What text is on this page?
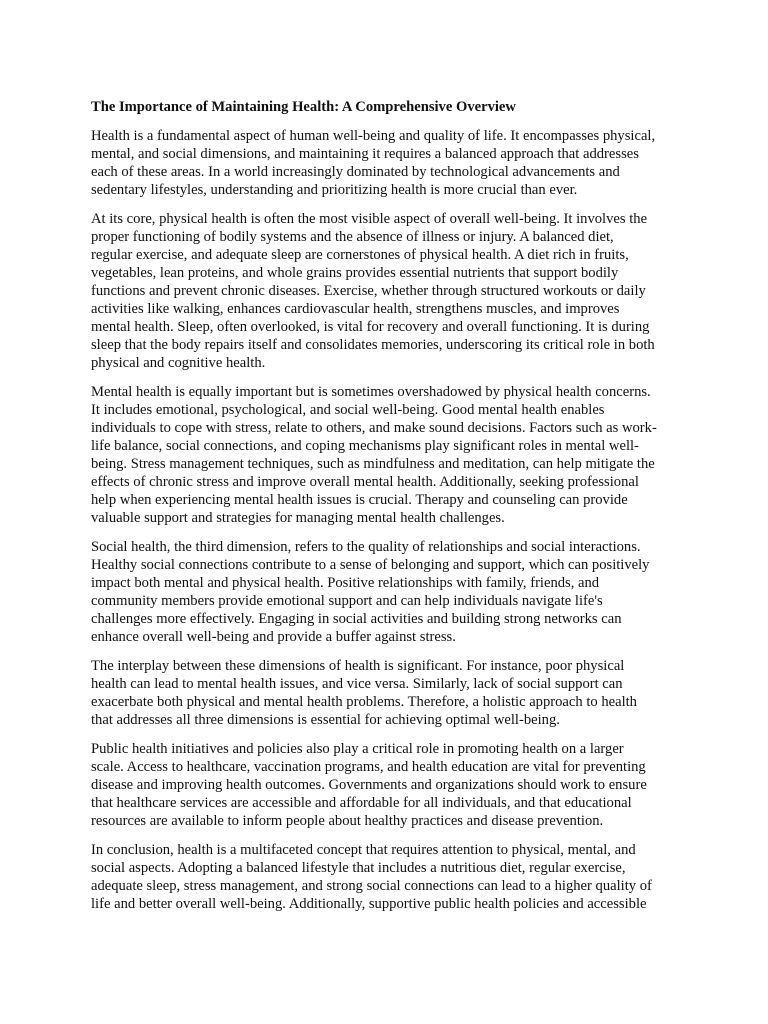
The Importance of Maintaining Health: A Comprehensive Overview

Health is a fundamental aspect of human well-being and quality of life. It encompasses physical,
mental, and social dimensions, and maintaining it requires a balanced approach that addresses
each of these areas. In a world increasingly dominated by technological advancements and
sedentary lifestyles, understanding and prioritizing health is more crucial than ever.

At its core, physical health is often the most visible aspect of overall well-being. It involves the
proper functioning of bodily systems and the absence of illness or injury. A balanced diet,
regular exercise, and adequate sleep are cornerstones of physical health. A diet rich in fruits,
vegetables, lean proteins, and whole grains provides essential nutrients that support bodily
functions and prevent chronic diseases. Exercise, whether through structured workouts or daily
activities like walking, enhances cardiovascular health, strengthens muscles, and improves
mental health. Sleep, often overlooked, is vital for recovery and overall functioning. It is during
sleep that the body repairs itself and consolidates memories, underscoring its critical role in both
physical and cognitive health.

Mental health is equally important but is sometimes overshadowed by physical health concerns.
It includes emotional, psychological, and social well-being. Good mental health enables
individuals to cope with stress, relate to others, and make sound decisions. Factors such as work-
life balance, social connections, and coping mechanisms play significant roles in mental well-
being. Stress management techniques, such as mindfulness and meditation, can help mitigate the
effects of chronic stress and improve overall mental health. Additionally, seeking professional
help when experiencing mental health issues is crucial. Therapy and counseling can provide
valuable support and strategies for managing mental health challenges.

Social health, the third dimension, refers to the quality of relationships and social interactions.
Healthy social connections contribute to a sense of belonging and support, which can positively
impact both mental and physical health. Positive relationships with family, friends, and
community members provide emotional support and can help individuals navigate life's
challenges more effectively. Engaging in social activities and building strong networks can
enhance overall well-being and provide a buffer against stress.

The interplay between these dimensions of health is significant. For instance, poor physical
health can lead to mental health issues, and vice versa. Similarly, lack of social support can
exacerbate both physical and mental health problems. Therefore, a holistic approach to health
that addresses all three dimensions is essential for achieving optimal well-being.

Public health initiatives and policies also play a critical role in promoting health on a larger
scale. Access to healthcare, vaccination programs, and health education are vital for preventing
disease and improving health outcomes. Governments and organizations should work to ensure
that healthcare services are accessible and affordable for all individuals, and that educational
resources are available to inform people about healthy practices and disease prevention.

In conclusion, health is a multifaceted concept that requires attention to physical, mental, and
social aspects. Adopting a balanced lifestyle that includes a nutritious diet, regular exercise,
adequate sleep, stress management, and strong social connections can lead to a higher quality of
life and better overall well-being. Additionally, supportive public health policies and accessible
